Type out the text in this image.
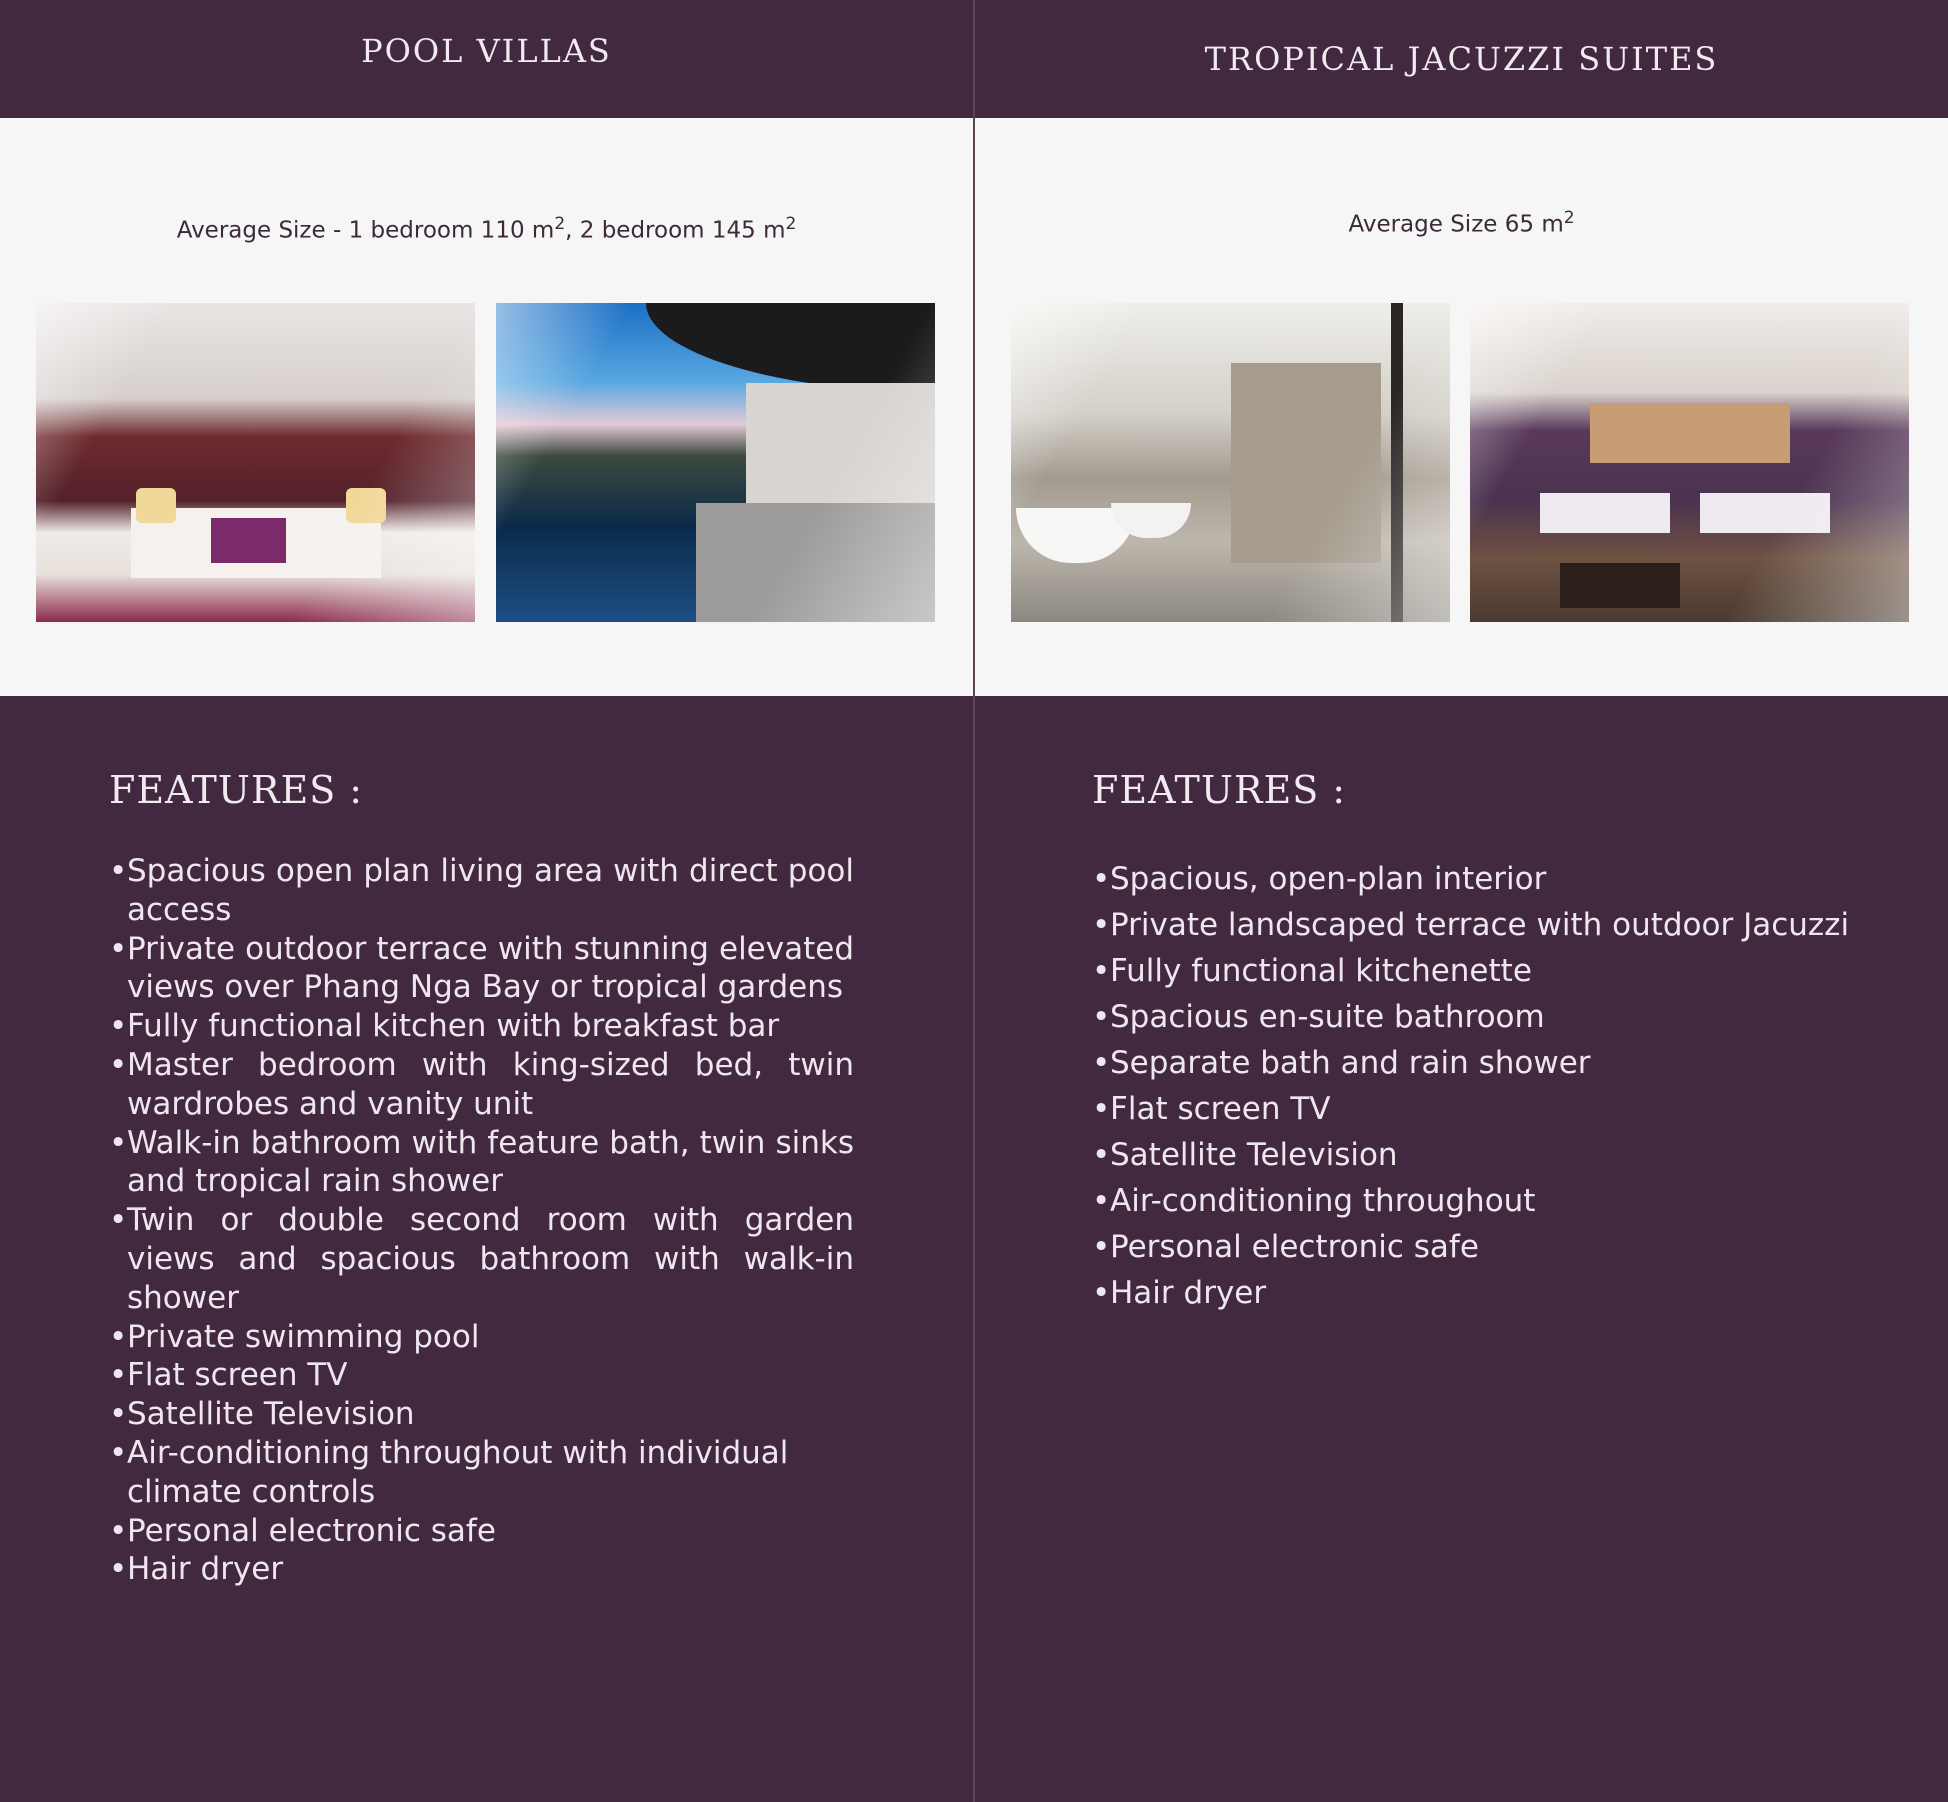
POOL VILLAS
Average Size - 1 bedroom 110 $m^2$, 2 bedroom 145 $m^2$
FEATURES :
• Spacious open plan living area with direct pool access
• Private outdoor terrace with stunning elevated views over Phang Nga Bay or tropical gardens
• Fully functional kitchen with breakfast bar
• Master bedroom with king-sized bed, twin wardrobes and vanity unit
• Walk-in bathroom with feature bath, twin sinks and tropical rain shower
• Twin or double second room with garden views and spacious bathroom with walk-in shower
• Private swimming pool
• Flat screen TV
• Satellite Television
• Air-conditioning throughout with individual climate controls
• Personal electronic safe
• Hair dryer
TROPICAL JACUZZI SUITES
Average Size 65 $m^2$
FEATURES :
• Spacious, open-plan interior
• Private landscaped terrace with outdoor Jacuzzi
• Fully functional kitchenette
• Spacious en-suite bathroom
• Separate bath and rain shower
• Flat screen TV
• Satellite Television
• Air-conditioning throughout
• Personal electronic safe
• Hair dryer
